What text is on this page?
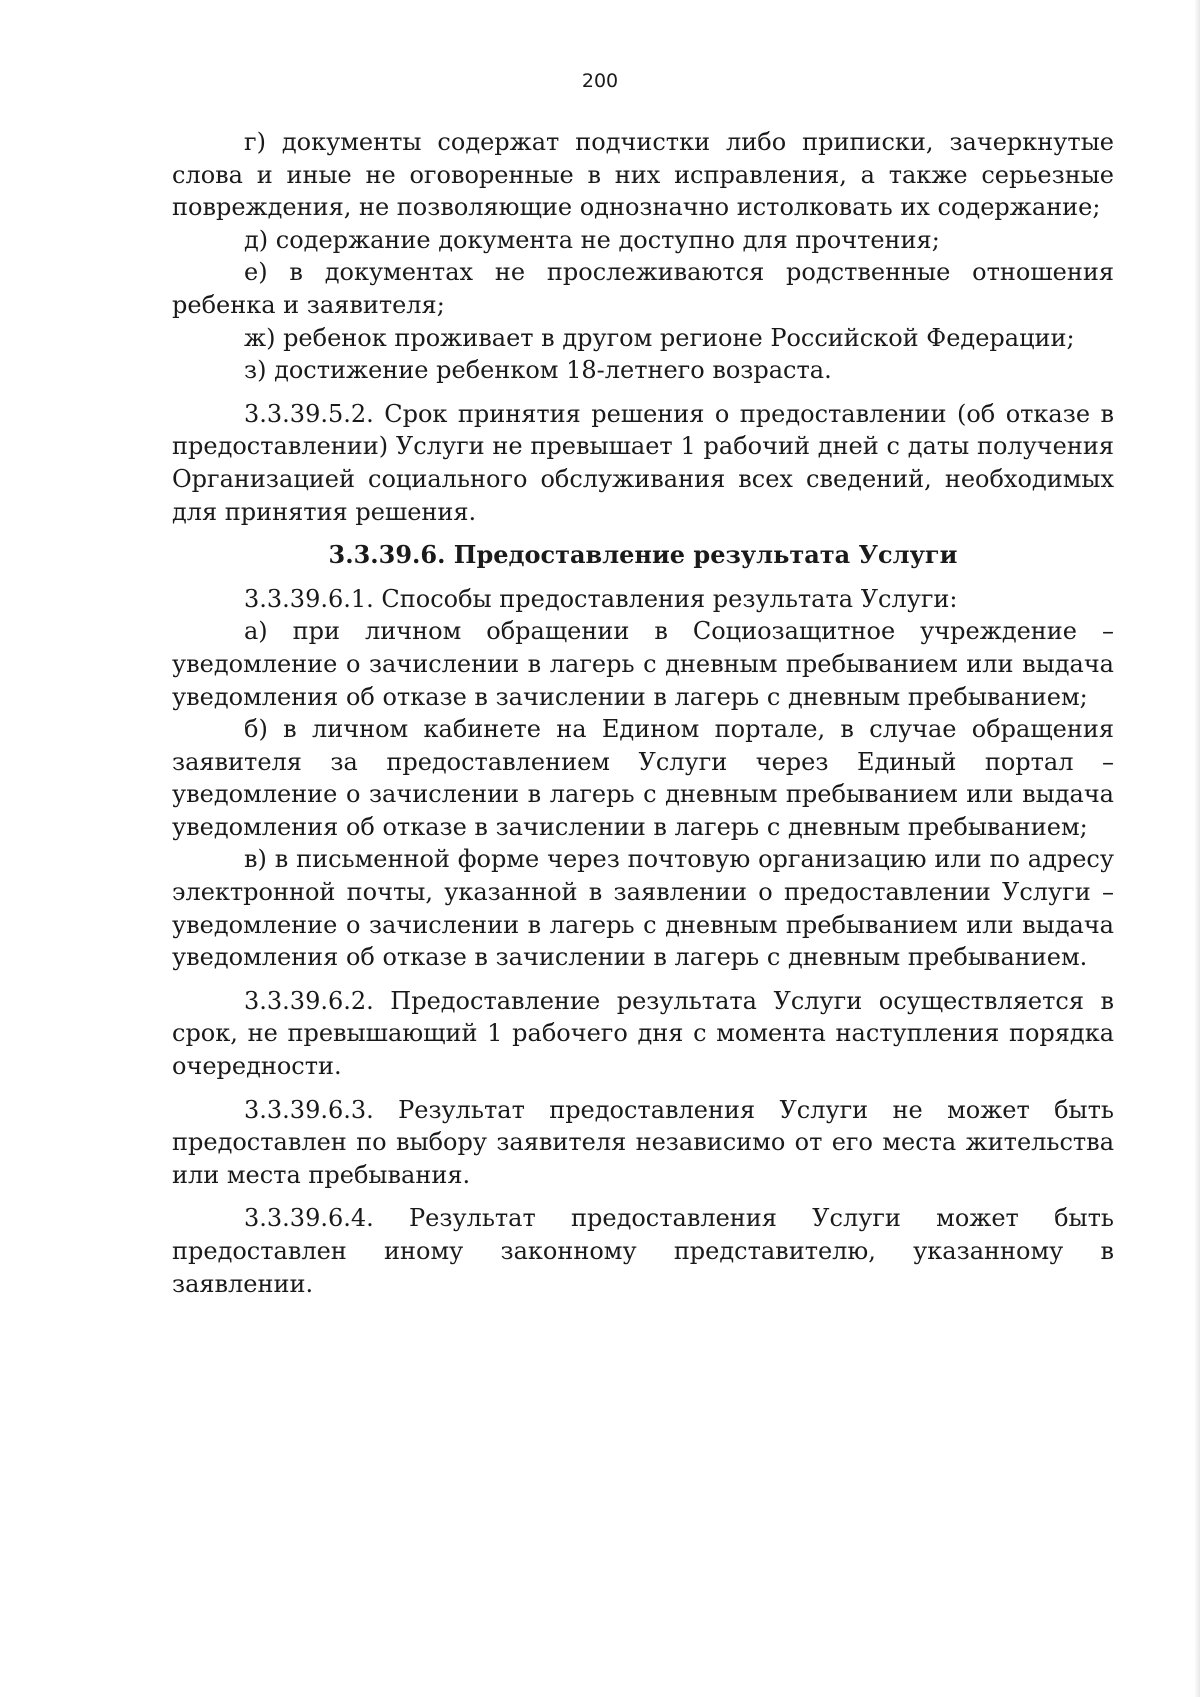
200

г) документы содержат подчистки либо приписки, зачеркнутые слова и иные не оговоренные в них исправления, а также серьезные повреждения, не позволяющие однозначно истолковать их содержание;

д) содержание документа не доступно для прочтения;

е) в документах не прослеживаются родственные отношения ребенка и заявителя;

ж) ребенок проживает в другом регионе Российской Федерации;

з) достижение ребенком 18-летнего возраста.

3.3.39.5.2. Срок принятия решения о предоставлении (об отказе в предоставлении) Услуги не превышает 1 рабочий дней с даты получения Организацией социального обслуживания всех сведений, необходимых для принятия решения.

3.3.39.6. Предоставление результата Услуги

3.3.39.6.1. Способы предоставления результата Услуги:

а) при личном обращении в Социозащитное учреждение – уведомление о зачислении в лагерь с дневным пребыванием или выдача уведомления об отказе в зачислении в лагерь с дневным пребыванием;

б) в личном кабинете на Едином портале, в случае обращения заявителя за предоставлением Услуги через Единый портал – уведомление о зачислении в лагерь с дневным пребыванием или выдача уведомления об отказе в зачислении в лагерь с дневным пребыванием;

в) в письменной форме через почтовую организацию или по адресу электронной почты, указанной в заявлении о предоставлении Услуги – уведомление о зачислении в лагерь с дневным пребыванием или выдача уведомления об отказе в зачислении в лагерь с дневным пребыванием.

3.3.39.6.2. Предоставление результата Услуги осуществляется в срок, не превышающий 1 рабочего дня с момента наступления порядка очередности.

3.3.39.6.3. Результат предоставления Услуги не может быть предоставлен по выбору заявителя независимо от его места жительства или места пребывания.

3.3.39.6.4. Результат предоставления Услуги может быть предоставлен иному законному представителю, указанному в заявлении.
